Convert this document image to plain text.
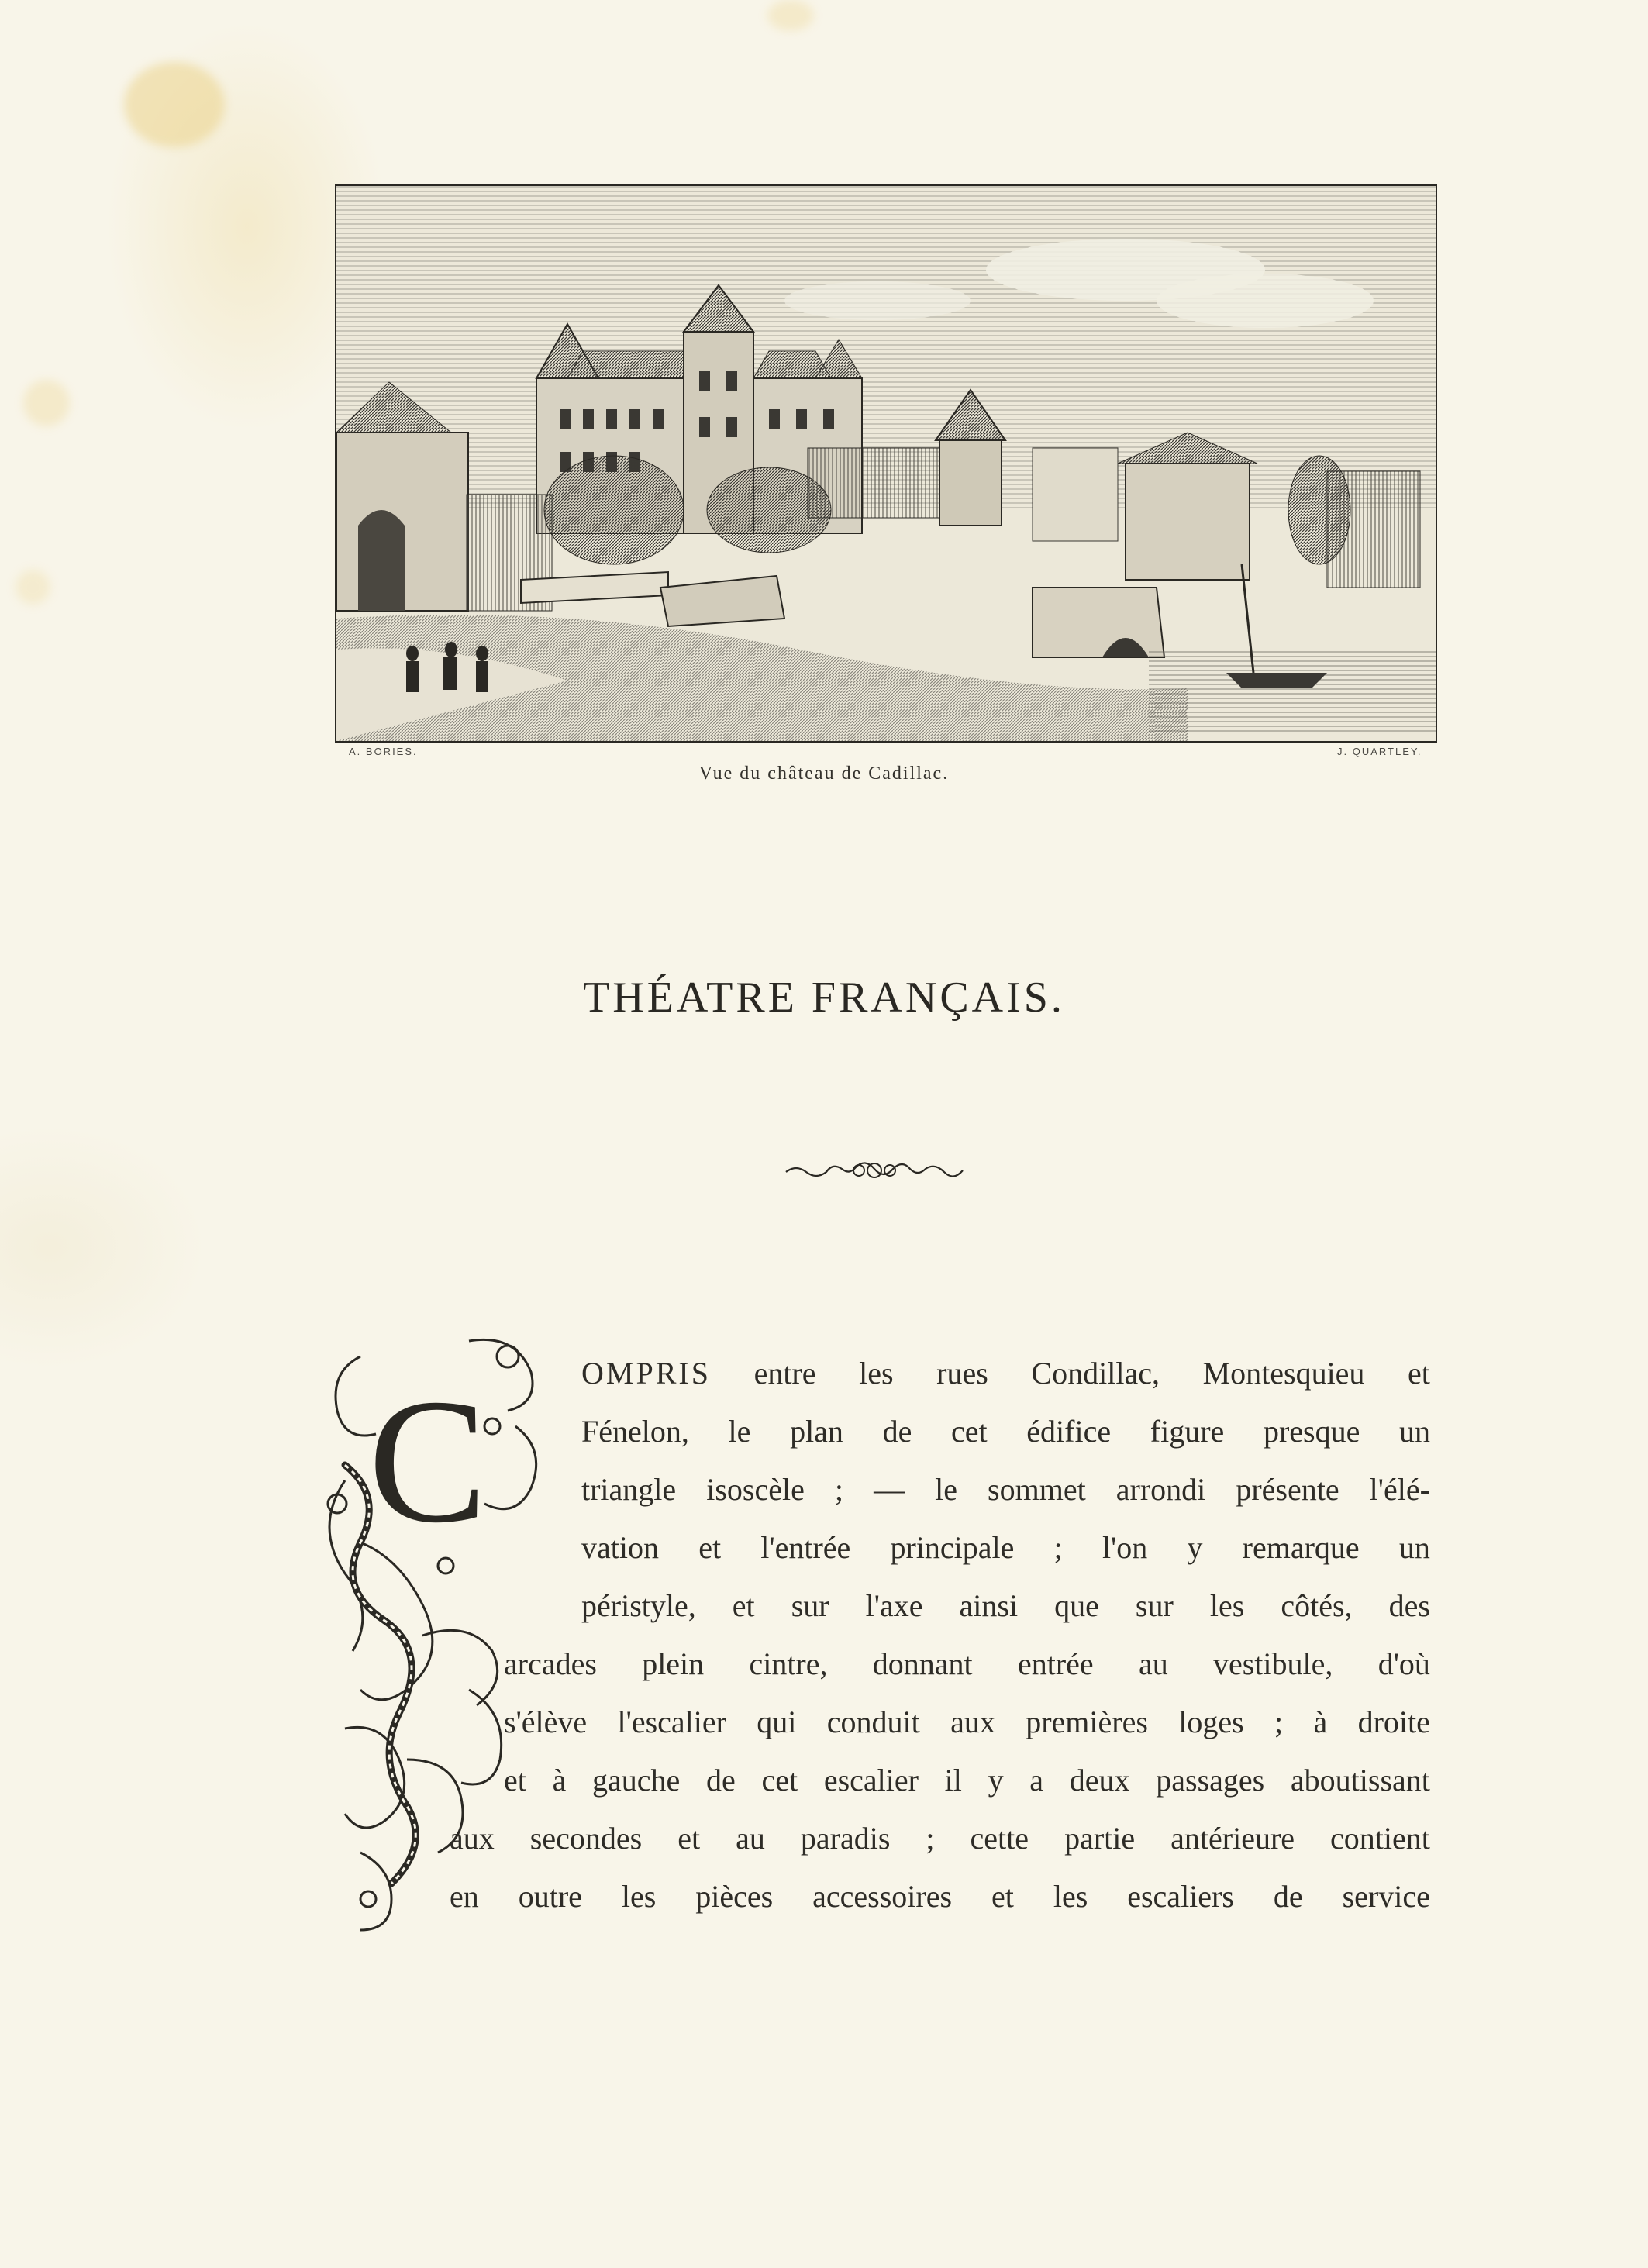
A. BORIES.	J. QUARTLEY.
Vue du château de Cadillac.
THÉATRE FRANÇAIS.
C	OMPRIS entre les rues Condillac, Montesquieu et
Fénelon, le plan de cet édifice figure presque un
triangle isoscèle ; — le sommet arrondi présente l'élé-
vation et l'entrée principale ; l'on y remarque un
péristyle, et sur l'axe ainsi que sur les côtés, des
arcades plein cintre, donnant entrée au vestibule, d'où
s'élève l'escalier qui conduit aux premières loges ; à droite
et à gauche de cet escalier il y a deux passages aboutissant
aux secondes et au paradis ; cette partie antérieure contient
en outre les pièces accessoires et les escaliers de service
